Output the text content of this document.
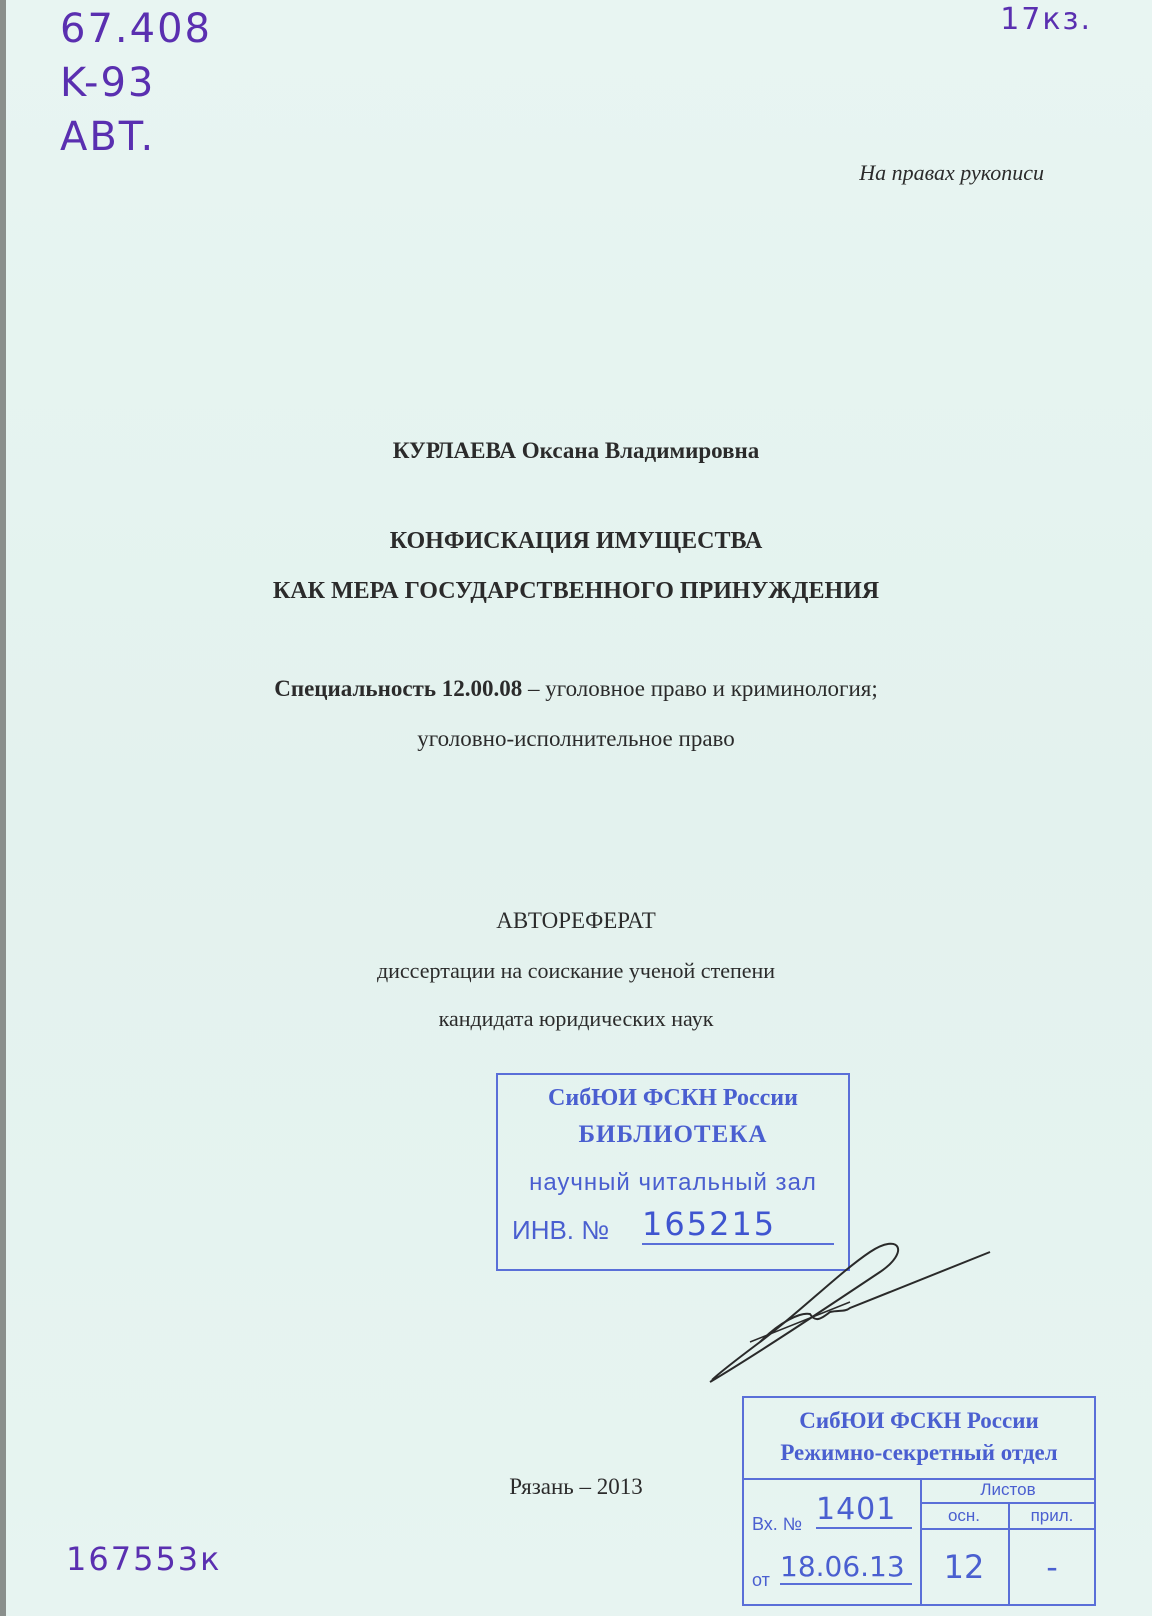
67.408
K-93
ABT.
17кз.
На правах рукописи
КУРЛАЕВА Оксана Владимировна
КОНФИСКАЦИЯ ИМУЩЕСТВА
КАК МЕРА ГОСУДАРСТВЕННОГО ПРИНУЖДЕНИЯ
Специальность 12.00.08 – уголовное право и криминология;
уголовно-исполнительное право
АВТОРЕФЕРАТ
диссертации на соискание ученой степени
кандидата юридических наук
СибЮИ ФСКН России
БИБЛИОТЕКА
научный читальный зал
ИНВ. № 165215
СибЮИ ФСКН России
Режимно-секретный отдел
Листов
осн.	прил.
Вх. № 1401
от 18.06.13	12	-
Рязань – 2013
167553к
